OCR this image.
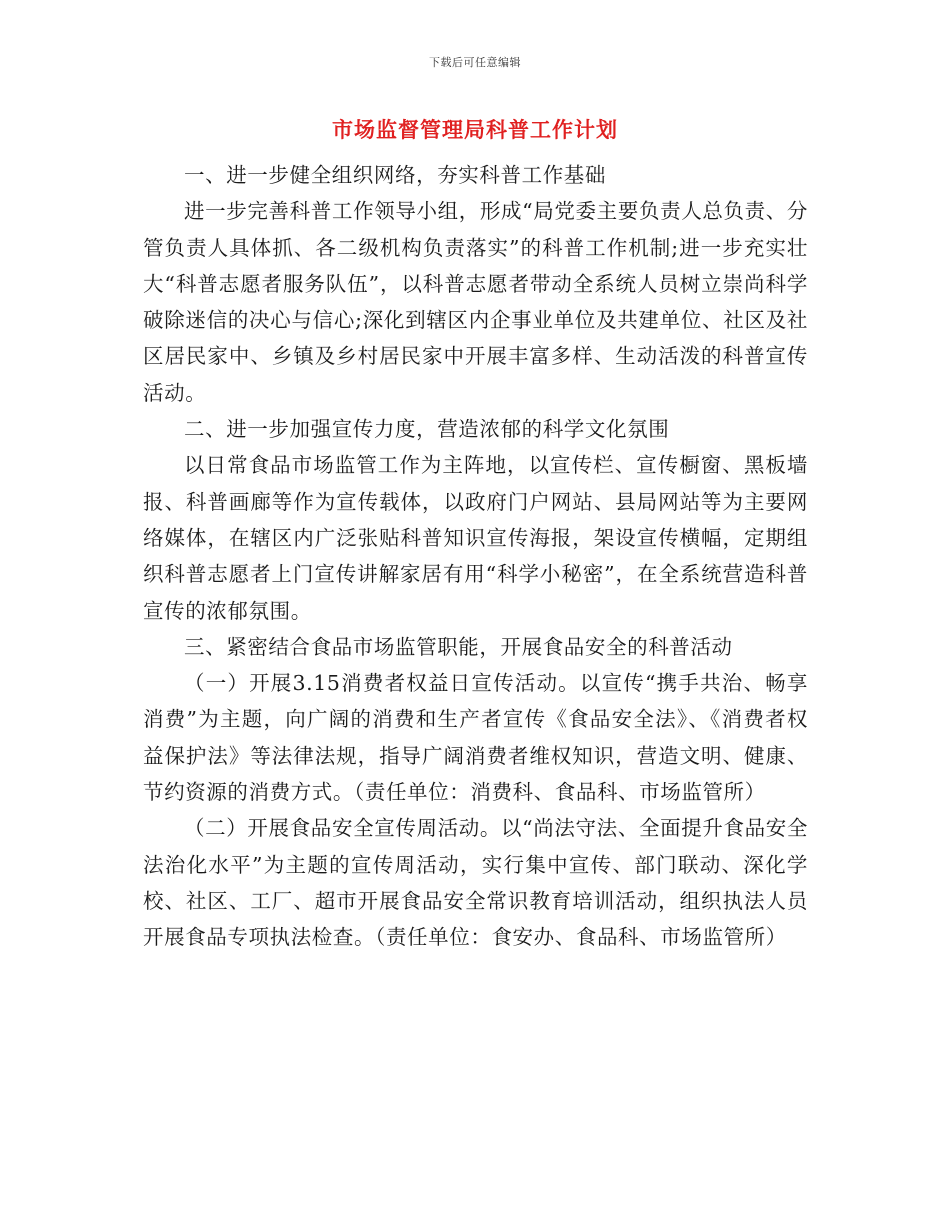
下载后可任意编辑
市场监督管理局科普工作计划

一、进一步健全组织网络，夯实科普工作基础

进一步完善科普工作领导小组，形成“局党委主要负责人总负责、分管负责人具体抓、各二级机构负责落实”的科普工作机制;进一步充实壮大“科普志愿者服务队伍”，以科普志愿者带动全系统人员树立崇尚科学破除迷信的决心与信心;深化到辖区内企事业单位及共建单位、社区及社区居民家中、乡镇及乡村居民家中开展丰富多样、生动活泼的科普宣传活动。

二、进一步加强宣传力度，营造浓郁的科学文化氛围

以日常食品市场监管工作为主阵地，以宣传栏、宣传橱窗、黑板墙报、科普画廊等作为宣传载体，以政府门户网站、县局网站等为主要网络媒体，在辖区内广泛张贴科普知识宣传海报，架设宣传横幅，定期组织科普志愿者上门宣传讲解家居有用“科学小秘密”，在全系统营造科普宣传的浓郁氛围。

三、紧密结合食品市场监管职能，开展食品安全的科普活动

（一）开展3.15消费者权益日宣传活动。以宣传“携手共治、畅享消费”为主题，向广阔的消费和生产者宣传《食品安全法》、《消费者权益保护法》等法律法规，指导广阔消费者维权知识，营造文明、健康、节约资源的消费方式。（责任单位：消费科、食品科、市场监管所）

（二）开展食品安全宣传周活动。以“尚法守法、全面提升食品安全法治化水平”为主题的宣传周活动，实行集中宣传、部门联动、深化学校、社区、工厂、超市开展食品安全常识教育培训活动，组织执法人员开展食品专项执法检查。（责任单位：食安办、食品科、市场监管所）
